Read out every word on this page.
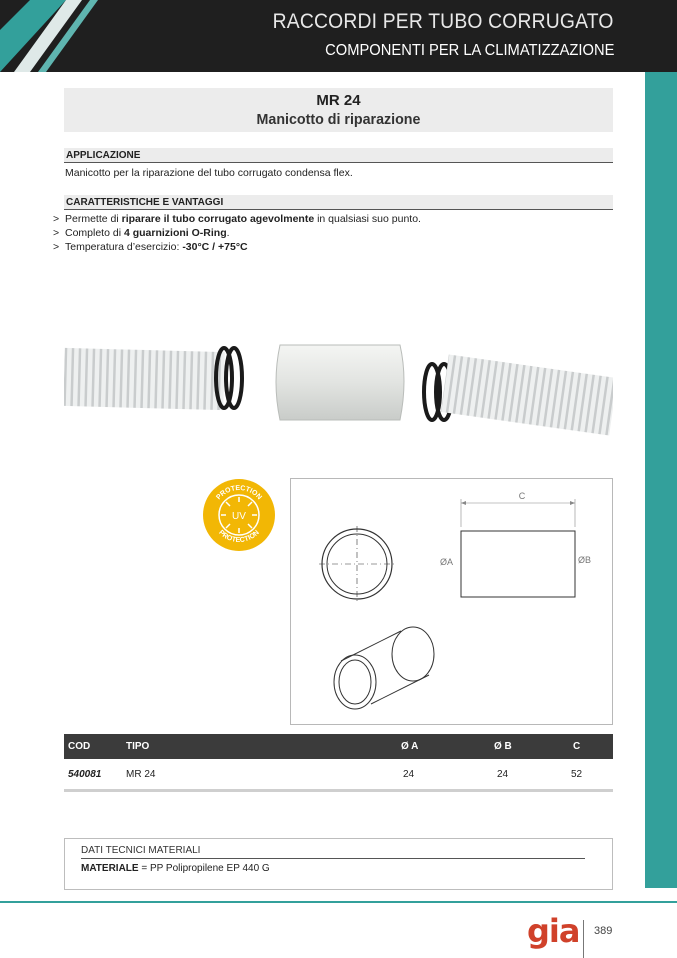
RACCORDI PER TUBO CORRUGATO
COMPONENTI PER LA CLIMATIZZAZIONE
MR 24
Manicotto di riparazione
APPLICAZIONE
Manicotto per la riparazione del tubo corrugato condensa flex.
CARATTERISTICHE E VANTAGGI
> Permette di riparare il tubo corrugato agevolmente in qualsiasi suo punto.
> Completo di 4 guarnizioni O-Ring.
> Temperatura d’esercizio: -30°C / +75°C
PROTECTION
UV
PROTECTION
C
ØA	ØB
COD	TIPO	Ø A	Ø B	C
540081 MR 24	24	24	52
DATI TECNICI MATERIALI
MATERIALE = PP Polipropilene EP 440 G
gia 389
